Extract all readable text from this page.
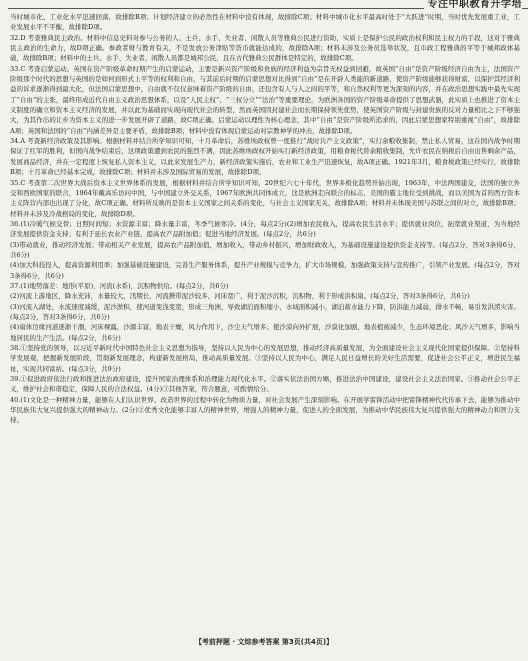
专注中职教育升学培

当时城市化、工业化水平迅速回落，故排除B项；计划经济建立的必然性在材料中没有体现，故排除C项；材料中城市化水平最高时处于“大跃进”时期，当时优先发展重工业，工业发展水平不平衡，故排除D项。

32.D 考查雅典民主政治。材料中信息史料对参与公务的人、士兵、水手、失业者、闲散人员等雅典公民进行资助，实质上是保护公民的政治权利和民主权力的手段，这对于雅典民主政治的生命力，故D项正确。参政者财与教育有关，不是发放公务津贴等货币就能达成的，故排除A项；材料未涉及公务员选举状况，且市政工程雅典的平等于城邦政体基础，故排除B项；材料中的士兵、水手、失业者、闲散人员都是城邦公民，且在古代雅典公民群体是特定的，故排除C项。

33.C 考查启蒙运动。英国在资产阶级革命时期产生的启蒙运动，主要是新兴资产阶级和贵族的经济利益为宗旨无权益到回避，故英国“自由”是资产阶级经济自由为主，法国资产阶级那个时代的思想与英国的是如何到形式上平等的权利和自由，与其前后时期的启蒙思想对比得到“自由”是在开辟人类能的新道路，使资产阶级能够获得财富，以保护其经济利益的诉求逐渐得到最大化，但法国启蒙思想中，自由就不仅仅意味着资产阶级的自由，还包含有人与人之间的平等，和自然权利等更为深刻的内容，并在政治思想实践中最先实现了“自由”的主张，最终形成近代自由主义政治思想体系，以及“人民主权”、“三权分立”“法治”等重要理论，为欧洲各国的资产阶级革命提供了思想武器，此实质上也推进了资本主义制度的确立和资本主义经济的发展，并以此为基础而实现向现代社会的转型，然而英国因封建社会而长期保持领先优势，使英国资产阶级与封建贵族的反对力量相比之下不够强大，为其作出的让步为资本主义的进一步发展开辟了道路，故C项正确。启蒙运动以理性为核心理念，其中“自由”是资产阶级所追求的，因此启蒙思想家特别重视“自由”，故排除A项；英国和法国的“自由”内涵差异是主要矛盾，故排除B项；材料中没有体现启蒙运动对宗教神学的冲击，故排除D项。

34.A 考查新经济政策及其影响。根据材料并结合所学知识可知，十月革命后，苏维埃政权曾一度推行“战时共产主义政策”，实行余粮收集制，禁止私人贸易，这在国内战争时期保证了红军的胜利，但国内战争结束后，这项政策遭到农民的强烈不满，因此苏维埃政权开始实行新经济政策，用粮食税代替余粮收集制，允许农民在纳税后自由出售剩余产品，发展商品经济，并在一定程度上恢复私人资本主义，以此来发展生产力，新经济政策实施后，农业和工业生产迅速恢复，故A项正确。1921年3月，粮食税政策已经实行，故排除B项；十月革命已经基本完成，故排除C项；材料并未涉及国际贸易的发展，故排除D项。

35.C 考查第二次世界大战后资本主义世界体系的发展，根据材料并结合所学知识可知，20世纪六七十年代，世界多极化趋势开始出现，1963年，中法两国建交，法国的独立外交和西欧国家的联合，1964年戴高乐访问中国，与中国建立外交关系，1967年欧洲共同体成立，这是欧洲走向联合的标志，美国的霸主地位受到挑战，而以美国为首的西方资本主义阵营内部也出现了分化，故C项正确。材料所反映的是资本主义国家之间关系的变化，与社会主义国家无关，故排除A项；材料并未体现美国与苏联之间的对立，故排除B项；材料并未涉及冷战格局的变化，故排除D项。

36.(1)冷暖气候交替；日照时间短；水资源丰富；降水量丰富，冬季气候寒冷。(4分，每点2分)(2)增加农民收入，提高农民生活水平；提供就业岗位，拓宽就业渠道，为当地经济发展提供资金支持；有利于延长农业产业链，提高农产品附加值；促进当地经济发展。(每点2分，共6分)

(3)带动就业，推动经济发展；带动相关产业发展，提高农产品附加值，增加收入，带动乡村振兴，增加财政收入，为基础设施建设提供资金支持等。(每点2分，答对3条得6分，共6分)

(4)加大科技投入，提高资源利用率；加强基础设施建设，完善生产服务体系，提升产业规模与竞争力，扩大市场规模，加强政策支持与宣传推广，引领产业发展。(每点2分，答对3条得6分，共6分)

37.(1)地势落差：地形(平原)，河流(水系)，沉积物供给。(每点2分，共6分)

(2)河流上游地区，降水充沛，水量较大，汛期长，河流携带泥沙较多，河床宽广，利于泥沙沉积，沉积物，利于形成洪积扇。(每点2分，答对3条得6分，共6分)

(3)河流入湖处，水流速度减缓，泥沙淤积，使河道变浅变宽，形成三角洲，导致湖泊面积缩小，水域面积减小，湖泊蓄水能力下降，防洪能力减弱，排水不畅，易引发洪涝灾害。(每点2分，答对3条得6分，共6分)

(4)扇体边缘河道逐渐干涸，河床裸露，沙源丰富，地表干燥，风力作用下，沙尘天气增多；使沙漠向外扩展，沙漠化加剧，地表植被减少，生态环境恶化；风沙天气增多，影响当地居民的生产生活。(每点2分，共6分)

38.①坚持党的领导，以习近平新时代中国特色社会主义思想为指导，坚持以人民为中心的发展思想，推动经济高质量发展，为全面建设社会主义现代化国家提供保障。②坚持科学发展观，把握新发展阶段，贯彻新发展理念，构建新发展格局，推动高质量发展。③坚持以人民为中心，满足人民日益增长的美好生活需要，促进社会公平正义，增进民生福祉，实现共同富裕。(每点3分，共9分)

39.①促进政府依法行政和推进法治政府建设，提升国家治理体系和治理能力现代化水平。②落实依法治国方略，推进法治中国建设，建设社会主义法治国家。③推动社会公平正义，维护社会和谐稳定，保障人民的合法权益。(4分)③其他答案，符合题意，可酌情给分。

40.(1)文化是一种精神力量，能够在人们认识世界、改造世界的过程中转化为物质力量，对社会发展产生深刻影响。在开展学雷锋活动中把雷锋精神代代传承下去，能够为推动中华民族伟大复兴提供强大的精神动力。(2分)②优秀文化能够丰富人的精神世界，增强人的精神力量，促进人的全面发展，为推动中华民族伟大复兴提供强大的精神动力和智力支持。

【考前押题 · 文综参考答案 第3页(共4页)】
